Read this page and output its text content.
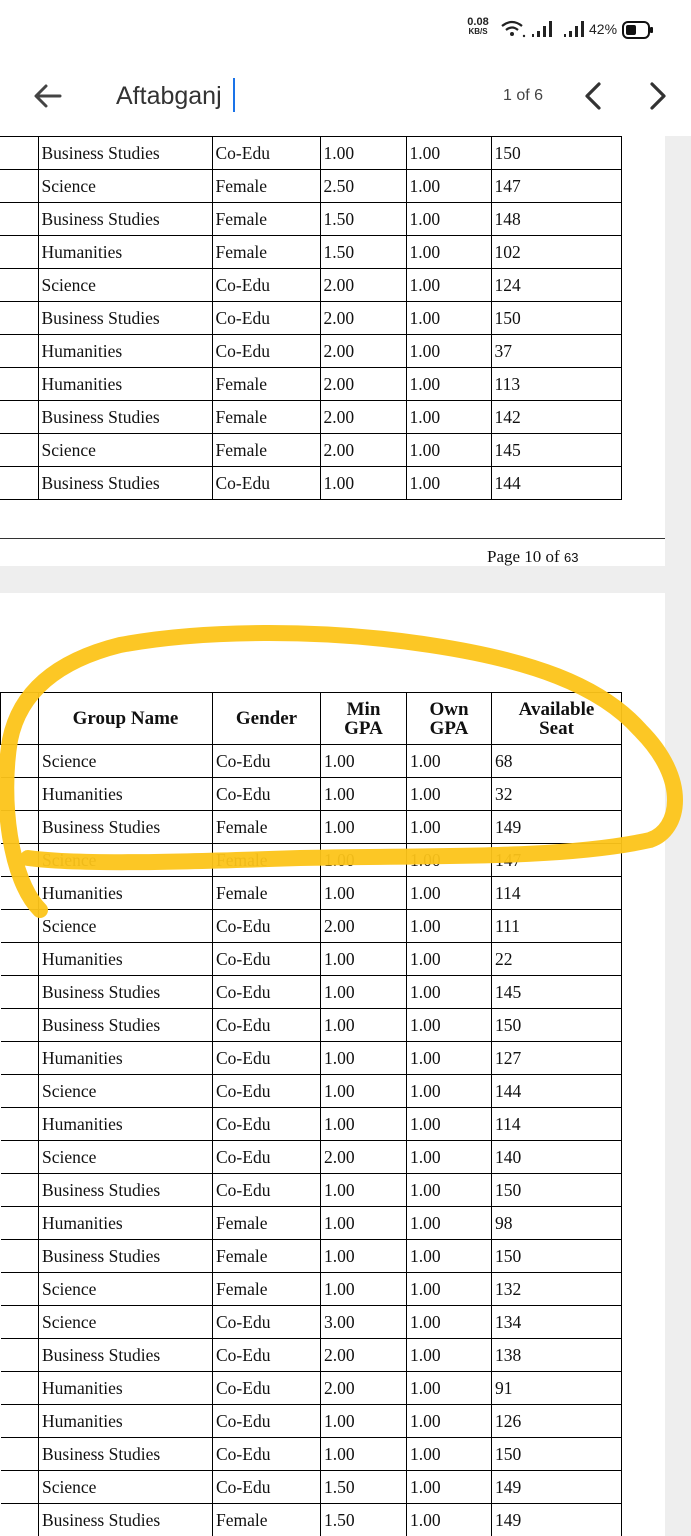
0.08
KB/S	42%
Aftabganj
1 of 6
	Business Studies	Co-Edu	1.00	1.00	150
	Science	Female	2.50	1.00	147
	Business Studies	Female	1.50	1.00	148
	Humanities	Female	1.50	1.00	102
	Science	Co-Edu	2.00	1.00	124
	Business Studies	Co-Edu	2.00	1.00	150
	Humanities	Co-Edu	2.00	1.00	37
	Humanities	Female	2.00	1.00	113
	Business Studies	Female	2.00	1.00	142
	Science	Female	2.00	1.00	145
	Business Studies	Co-Edu	1.00	1.00	144
Page 10 of 63
	Group Name	Gender	Min GPA	Own GPA	Available Seat
	Science	Co-Edu	1.00	1.00	68
	Humanities	Co-Edu	1.00	1.00	32
	Business Studies	Female	1.00	1.00	149
	Science	Female	1.00	1.00	147
	Humanities	Female	1.00	1.00	114
	Science	Co-Edu	2.00	1.00	111
	Humanities	Co-Edu	1.00	1.00	22
	Business Studies	Co-Edu	1.00	1.00	145
	Business Studies	Co-Edu	1.00	1.00	150
	Humanities	Co-Edu	1.00	1.00	127
	Science	Co-Edu	1.00	1.00	144
	Humanities	Co-Edu	1.00	1.00	114
	Science	Co-Edu	2.00	1.00	140
	Business Studies	Co-Edu	1.00	1.00	150
	Humanities	Female	1.00	1.00	98
	Business Studies	Female	1.00	1.00	150
	Science	Female	1.00	1.00	132
	Science	Co-Edu	3.00	1.00	134
	Business Studies	Co-Edu	2.00	1.00	138
	Humanities	Co-Edu	2.00	1.00	91
	Humanities	Co-Edu	1.00	1.00	126
	Business Studies	Co-Edu	1.00	1.00	150
	Science	Co-Edu	1.50	1.00	149
	Business Studies	Female	1.50	1.00	149
